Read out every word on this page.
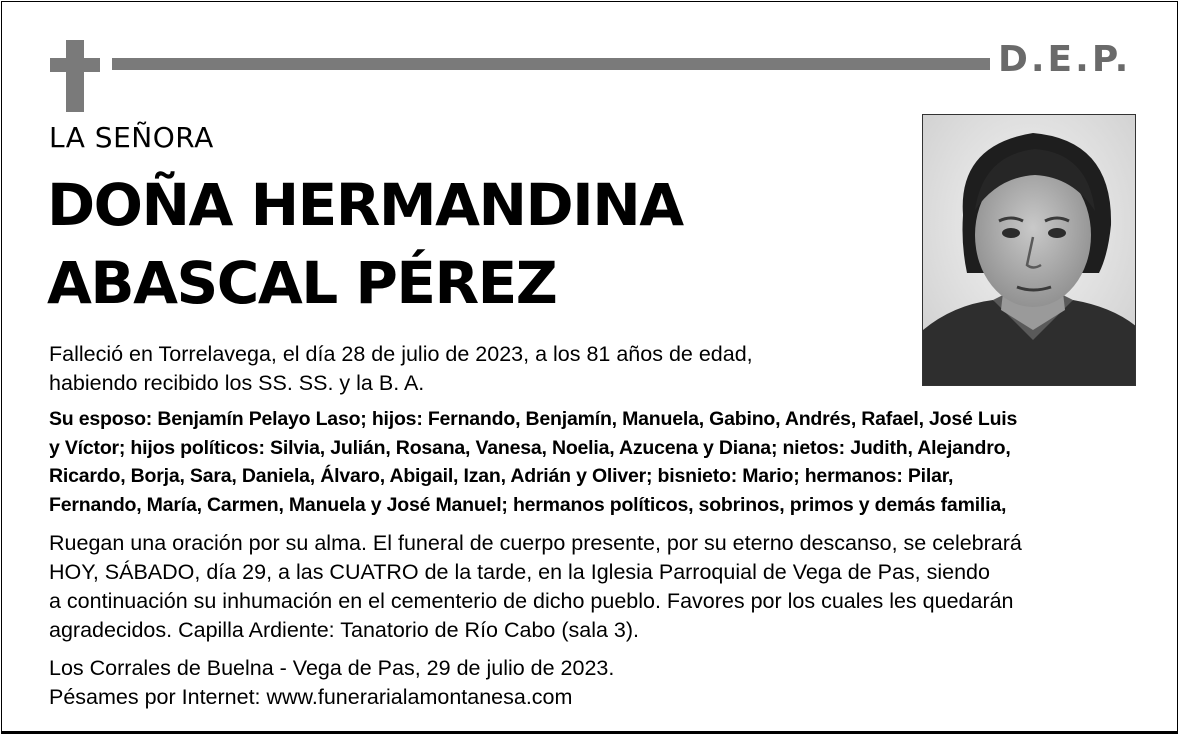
D.E.P.
LA SEÑORA
DOÑA HERMANDINA
ABASCAL PÉREZ

Falleció en Torrelavega, el día 28 de julio de 2023, a los 81 años de edad,
habiendo recibido los SS. SS. y la B. A.

Su esposo: Benjamín Pelayo Laso; hijos: Fernando, Benjamín, Manuela, Gabino, Andrés, Rafael, José Luis
y Víctor; hijos políticos: Silvia, Julián, Rosana, Vanesa, Noelia, Azucena y Diana; nietos: Judith, Alejandro,
Ricardo, Borja, Sara, Daniela, Álvaro, Abigail, Izan, Adrián y Oliver; bisnieto: Mario; hermanos: Pilar,
Fernando, María, Carmen, Manuela y José Manuel; hermanos políticos, sobrinos, primos y demás familia,

Ruegan una oración por su alma. El funeral de cuerpo presente, por su eterno descanso, se celebrará
HOY, SÁBADO, día 29, a las CUATRO de la tarde, en la Iglesia Parroquial de Vega de Pas, siendo
a continuación su inhumación en el cementerio de dicho pueblo. Favores por los cuales les quedarán
agradecidos. Capilla Ardiente: Tanatorio de Río Cabo (sala 3).

Los Corrales de Buelna - Vega de Pas, 29 de julio de 2023.
Pésames por Internet: www.funerarialamontanesa.com
